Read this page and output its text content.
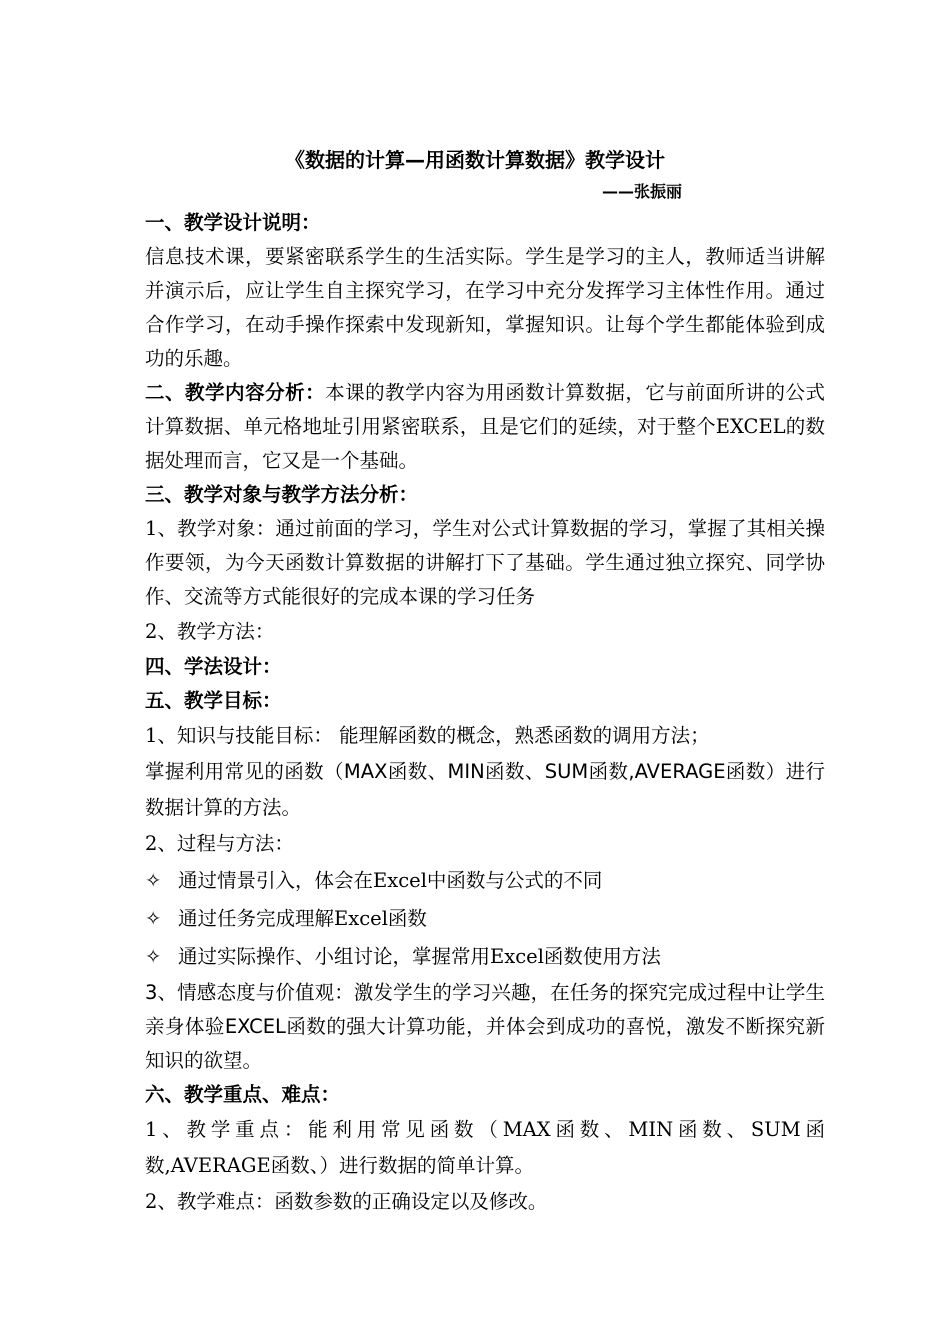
《数据的计算—用函数计算数据》教学设计
——张振丽

一、教学设计说明：

信息技术课，要紧密联系学生的生活实际。学生是学习的主人，教师适当讲解并演示后，应让学生自主探究学习，在学习中充分发挥学习主体性作用。通过合作学习，在动手操作探索中发现新知，掌握知识。让每个学生都能体验到成功的乐趣。

二、教学内容分析：本课的教学内容为用函数计算数据，它与前面所讲的公式计算数据、单元格地址引用紧密联系，且是它们的延续，对于整个EXCEL的数据处理而言，它又是一个基础。

三、教学对象与教学方法分析：

1、教学对象：通过前面的学习，学生对公式计算数据的学习，掌握了其相关操作要领，为今天函数计算数据的讲解打下了基础。学生通过独立探究、同学协作、交流等方式能很好的完成本课的学习任务

2、教学方法：

四、学法设计：

五、教学目标：

1、知识与技能目标： 能理解函数的概念，熟悉函数的调用方法；

掌握利用常见的函数（MAX函数、MIN函数、SUM函数,AVERAGE函数）进行数据计算的方法。

2、过程与方法：

✧ 通过情景引入，体会在Excel中函数与公式的不同
✧ 通过任务完成理解Excel函数
✧ 通过实际操作、小组讨论，掌握常用Excel函数使用方法

3、情感态度与价值观：激发学生的学习兴趣，在任务的探究完成过程中让学生亲身体验EXCEL函数的强大计算功能，并体会到成功的喜悦，激发不断探究新知识的欲望。

六、教学重点、难点：

1、教学重点：能利用常见函数（MAX函数、MIN函数、SUM函数,AVERAGE函数、）进行数据的简单计算。

2、教学难点：函数参数的正确设定以及修改。
